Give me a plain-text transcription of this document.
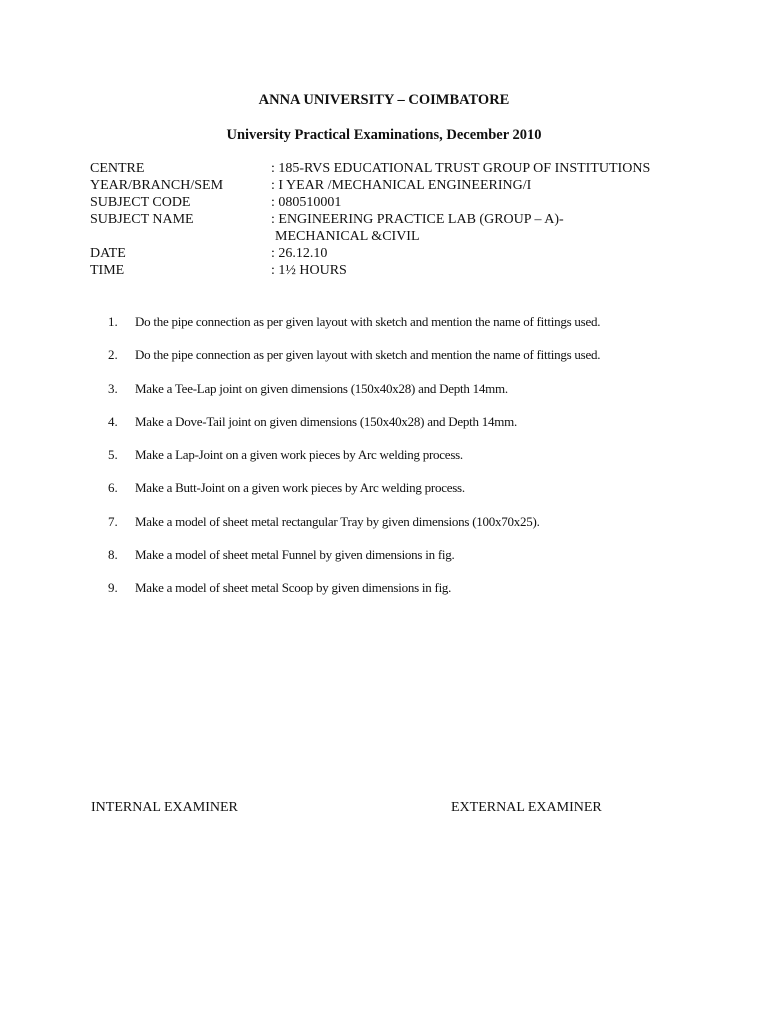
ANNA UNIVERSITY – COIMBATORE
University Practical Examinations, December 2010
CENTRE	: 185-RVS EDUCATIONAL TRUST GROUP OF INSTITUTIONS
YEAR/BRANCH/SEM	: I YEAR /MECHANICAL ENGINEERING/I
SUBJECT CODE	: 080510001
SUBJECT NAME	: ENGINEERING PRACTICE LAB (GROUP – A)-
MECHANICAL &CIVIL
DATE	: 26.12.10
TIME	: 1½ HOURS
1.	Do the pipe connection as per given layout with sketch and mention the name of fittings used.
2.	Do the pipe connection as per given layout with sketch and mention the name of fittings used.
3.	Make a Tee-Lap joint on given dimensions (150x40x28) and Depth 14mm.
4.	Make a Dove-Tail joint on given dimensions (150x40x28) and Depth 14mm.
5.	Make a Lap-Joint on a given work pieces by Arc welding process.
6.	Make a Butt-Joint on a given work pieces by Arc welding process.
7.	Make a model of sheet metal rectangular Tray by given dimensions (100x70x25).
8.	Make a model of sheet metal Funnel by given dimensions in fig.
9.	Make a model of sheet metal Scoop by given dimensions in fig.
INTERNAL EXAMINER	EXTERNAL EXAMINER
